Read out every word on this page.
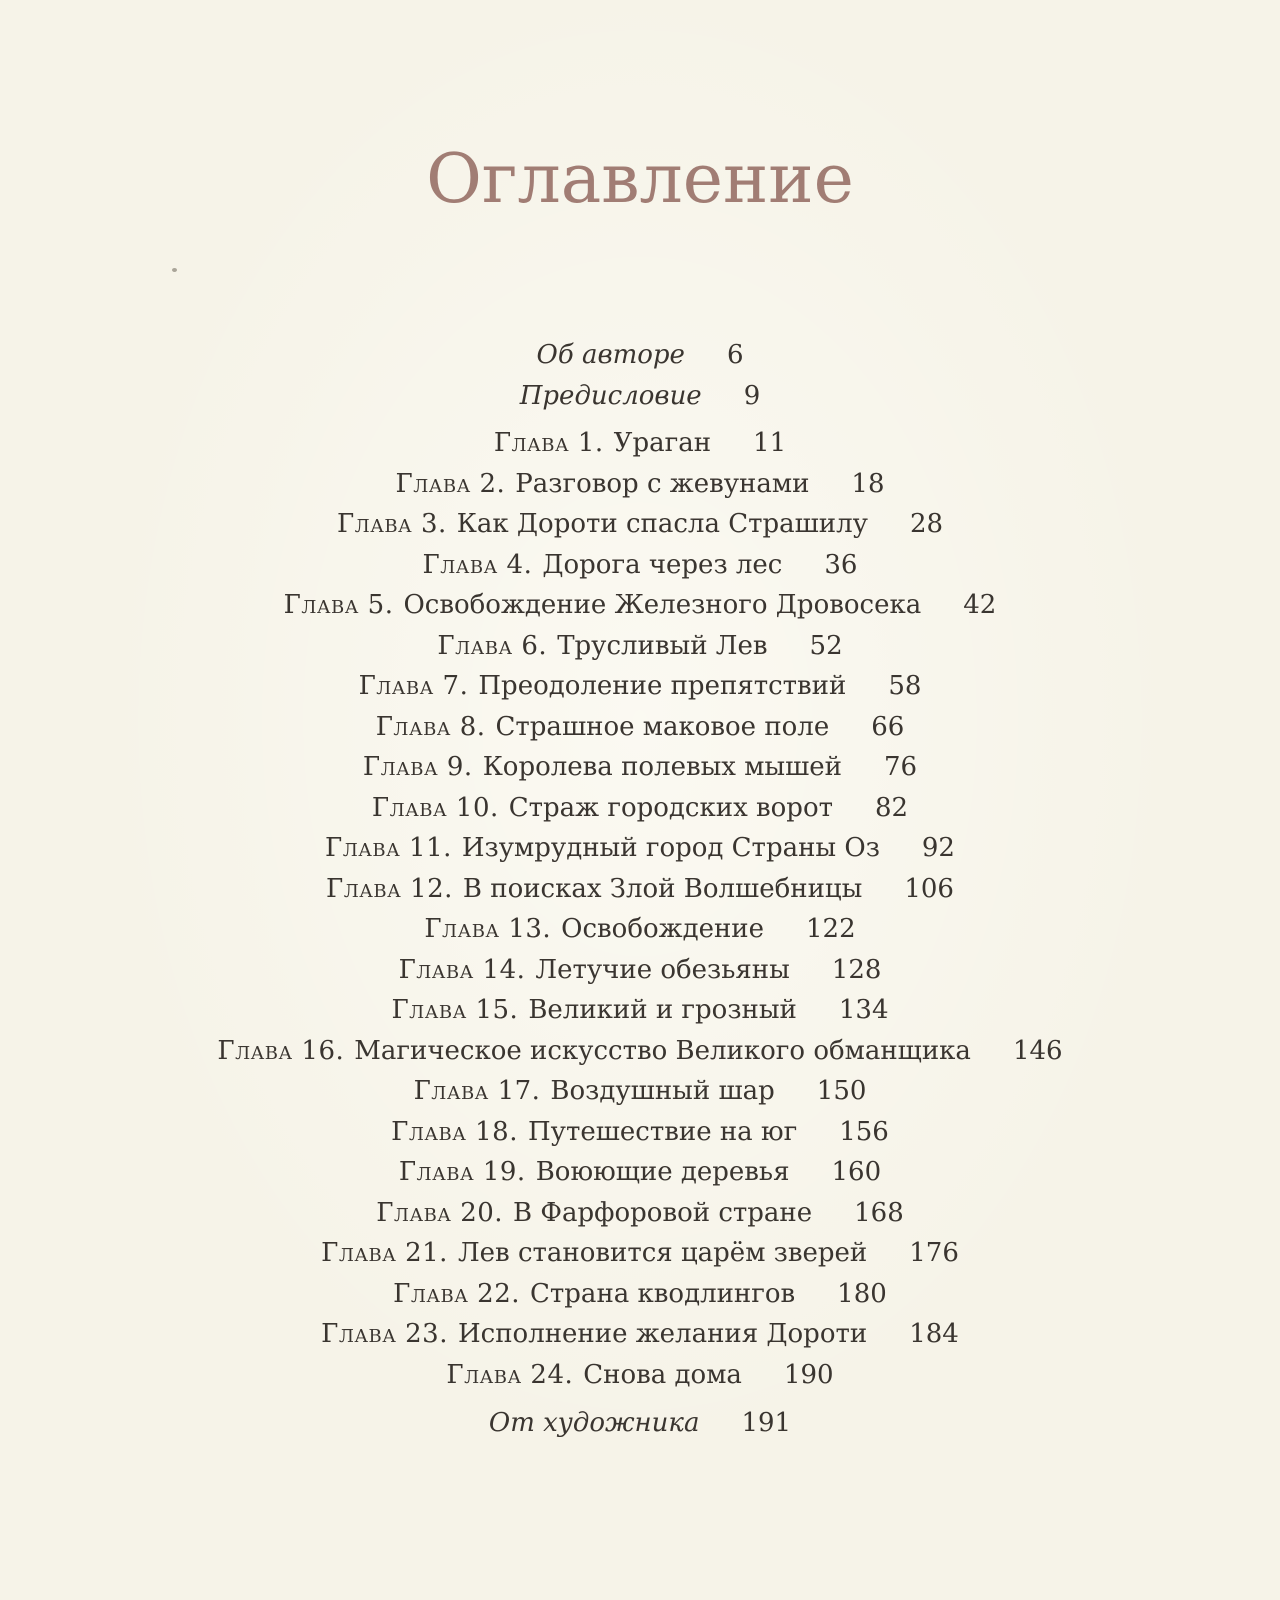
Оглавление
Об авторе 6
Предисловие 9
Глава 1. Ураган 11
Глава 2. Разговор с жевунами 18
Глава 3. Как Дороти спасла Страшилу 28
Глава 4. Дорога через лес 36
Глава 5. Освобождение Железного Дровосека 42
Глава 6. Трусливый Лев 52
Глава 7. Преодоление препятствий 58
Глава 8. Страшное маковое поле 66
Глава 9. Королева полевых мышей 76
Глава 10. Страж городских ворот 82
Глава 11. Изумрудный город Страны Оз 92
Глава 12. В поисках Злой Волшебницы 106
Глава 13. Освобождение 122
Глава 14. Летучие обезьяны 128
Глава 15. Великий и грозный 134
Глава 16. Магическое искусство Великого обманщика 146
Глава 17. Воздушный шар 150
Глава 18. Путешествие на юг 156
Глава 19. Воюющие деревья 160
Глава 20. В Фарфоровой стране 168
Глава 21. Лев становится царём зверей 176
Глава 22. Страна кводлингов 180
Глава 23. Исполнение желания Дороти 184
Глава 24. Снова дома 190
От художника 191
